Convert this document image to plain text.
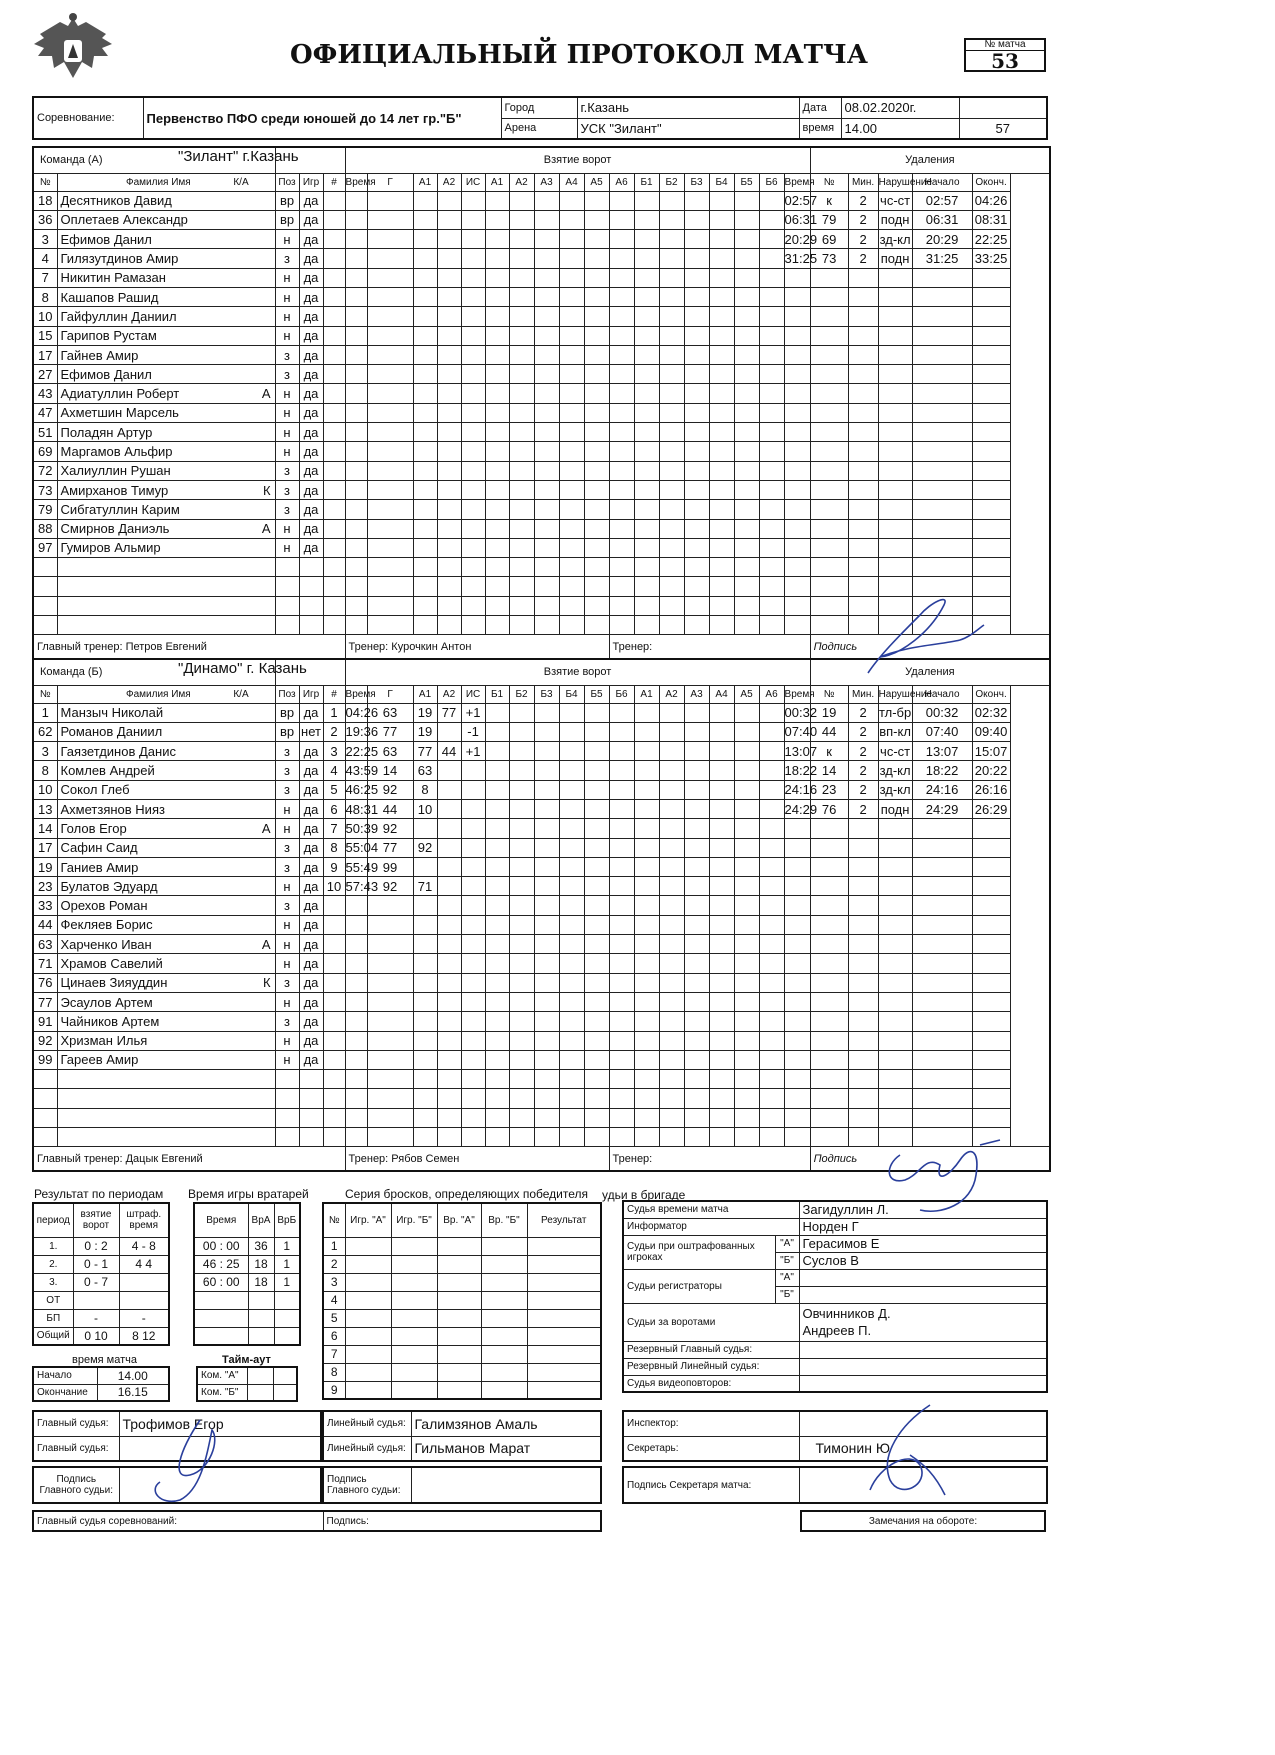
ОФИЦИАЛЬНЫЙ ПРОТОКОЛ МАТЧА	№ матча
53
Соревнование:	Первенство ПФО среди юношей до 14 лет гр."Б"	Город	г.Казань	Дата	08.02.2020г.	
		Арена	УСК "Зилант"	время	14.00	57
Команда (А)					Взятие ворот																		Удаления				
№	Фамилия Имя К/А	Поз	Игр	#	Время	Г	А1	А2	ИС	А1	А2	А3	А4	А5	А6	Б1	Б2	Б3	Б4	Б5	Б6	Время	№	Мин.	Нарушение	Начало	Оконч.
18	Десятников Давид	вр	да																			02:57	к	2	чс-ст	02:57	04:26
36	Оплетаев Александр	вр	да																			06:31	79	2	подн	06:31	08:31
3	Ефимов Данил	н	да																			20:29	69	2	зд-кл	20:29	22:25
4	Гилязутдинов Амир	з	да																			31:25	73	2	подн	31:25	33:25
7	Никитин Рамазан	н	да																								
8	Кашапов Рашид	н	да																								
10	Гайфуллин Даниил	н	да																								
15	Гарипов Рустам	н	да																								
17	Гайнев Амир	з	да																								
27	Ефимов Данил	з	да																								
43	Адиатуллин Роберт А	н	да																								
47	Ахметшин Марсель	н	да																								
51	Поладян Артур	н	да																								
69	Маргамов Альфир	н	да																								
72	Халиуллин Рушан	з	да																								
73	Амирханов Тимур К	з	да																								
79	Сибгатуллин Карим	з	да																								
88	Смирнов Даниэль А	н	да																								
97	Гумиров Альмир	н	да																								

Главный тренер: Петров Евгений					Тренер: Курочкин Антон										Тренер:								Подпись				
"Зилант" г.Казань
Команда (Б)					Взятие ворот																		Удаления				
№	Фамилия Имя К/А	Поз	Игр	#	Время	Г	А1	А2	ИС	Б1	Б2	Б3	Б4	Б5	Б6	А1	А2	А3	А4	А5	А6	Время	№	Мин.	Нарушение	Начало	Оконч.
1	Манзыч Николай	вр	да	1	04:26	63	19	77	+1													00:32	19	2	тл-бр	00:32	02:32
62	Романов Даниил	вр	нет	2	19:36	77	19		-1													07:40	44	2	вп-кл	07:40	09:40
3	Гаязетдинов Данис	з	да	3	22:25	63	77	44	+1													13:07	к	2	чс-ст	13:07	15:07
8	Комлев Андрей	з	да	4	43:59	14	63															18:22	14	2	зд-кл	18:22	20:22
10	Сокол Глеб	з	да	5	46:25	92	8															24:16	23	2	зд-кл	24:16	26:16
13	Ахметзянов Нияз	н	да	6	48:31	44	10															24:29	76	2	подн	24:29	26:29
14	Голов Егор А	н	да	7	50:39	92																					
17	Сафин Саид	з	да	8	55:04	77	92																				
19	Ганиев Амир	з	да	9	55:49	99																					
23	Булатов Эдуард	н	да	10	57:43	92	71																				
33	Орехов Роман	з	да																								
44	Фекляев Борис	н	да																								
63	Харченко Иван А	н	да																								
71	Храмов Савелий	н	да																								
76	Цинаев Зияуддин К	з	да																								
77	Эсаулов Артем	н	да																								
91	Чайников Артем	з	да																								
92	Хризман Илья	н	да																								
99	Гареев Амир	н	да																								

Главный тренер: Дацык Евгений					Тренер: Рябов Семен										Тренер:								Подпись				
"Динамо" г. Казань
Результат по периодам Время игры вратарей	Серия бросков, определяющих победителя удьи в бригаде
период	взятие ворот	штраф. время
1.	0 : 2	4 - 8
2.	0 - 1	4 4
3.	0 - 7	
ОТ		
БП	-	-
Общий	0 10	8 12
Время	ВрА	ВрБ
00 : 00	36	1
46 : 25	18	1
60 : 00	18	1

№	Игр. "А"	Игр. "Б"	Вр. "А"	Вр. "Б"	Результат
1					
2					
3					
4					
5					
6					
7					
8					
9					
время матча
Начало	14.00
Окончание	16.15
Тайм-аут
Ком. "А"		
Ком. "Б"		
Судья времени матча		Загидуллин Л.
Информатор		Норден Г
Судьи при оштрафованных игроках	"А"	Герасимов Е
	"Б"	Суслов В
Судьи регистраторы	"А"	
	"Б"	
Судьи за воротами		Овчинников Д.
Андреев П.

Резервный Главный судья:		
Резервный Линейный судья:		
Судья видеоповторов:		
Главный судья:	Трофимов Егор
Главный судья:	
Линейный судья:	Галимзянов Амаль
Линейный судья:	Гильманов Марат
Инспектор:	
Секретарь:	Тимонин Ю
Подпись Главного судьи:	
Подпись Главного судьи:		Подпись Секретаря матча:	
Главный судья соревнований:	Подпись:	Замечания на обороте:
